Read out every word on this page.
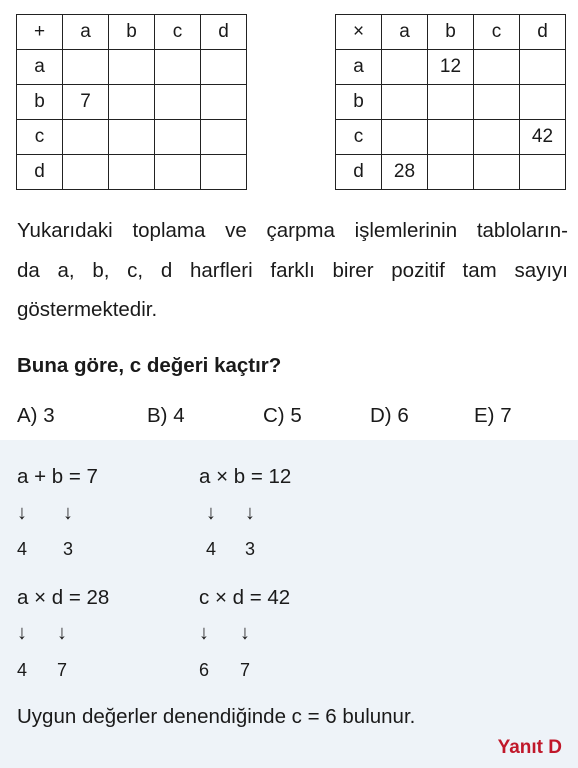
+	a	b	c	d
a				
b	7			
c				
d				
×	a	b	c	d
a		12		
b				
c				42
d	28			

Yukarıdaki toplama ve çarpma işlemlerinin tabloların-

da a, b, c, d harfleri farklı birer pozitif tam sayıyı

göstermektedir.

Buna göre, c değeri kaçtır?

A) 3	B) 4	C) 5	D) 6	E) 7
a + b = 7
↓ ↓
4 3
a × b = 12
↓ ↓
4 3
a × d = 28
↓ ↓
4 7
c × d = 42
↓ ↓
6 7
Uygun değerler denendiğinde c = 6 bulunur.
Yanıt D
